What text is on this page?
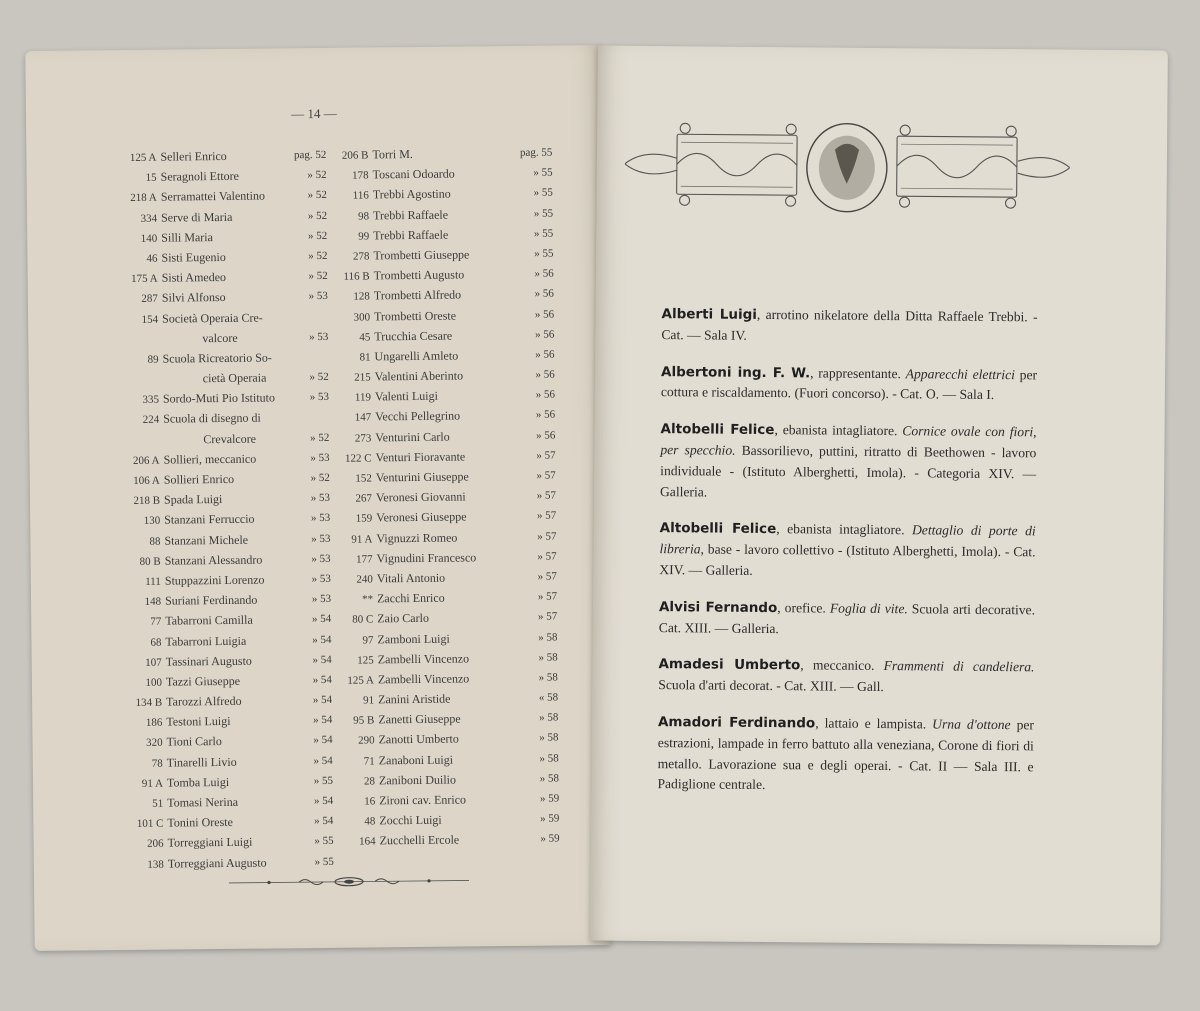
— 14 —
125 A Selleri Enrico	pag. 52
15 Seragnoli Ettore	» 52
218 A Serramattei Valentino	» 52
334 Serve di Maria	» 52
140 Silli Maria	» 52
46 Sisti Eugenio	» 52
175 A Sisti Amedeo	» 52
287 Silvi Alfonso	» 53
154 Società Operaia Cre-
valcore	» 53
89 Scuola Ricreatorio So-
cietà Operaia	» 52
335 Sordo-Muti Pio Istituto	» 53
224 Scuola di disegno di
Crevalcore	» 52
206 A Sollieri, meccanico	» 53
106 A Sollieri Enrico	» 52
218 B Spada Luigi	» 53
130 Stanzani Ferruccio	» 53
88 Stanzani Michele	» 53
80 B Stanzani Alessandro	» 53
111 Stuppazzini Lorenzo	» 53
148 Suriani Ferdinando	» 53
77 Tabarroni Camilla	» 54
68 Tabarroni Luigia	» 54
107 Tassinari Augusto	» 54
100 Tazzi Giuseppe	» 54
134 B Tarozzi Alfredo	» 54
186 Testoni Luigi	» 54
320 Tioni Carlo	» 54
78 Tinarelli Livio	» 54
91 A Tomba Luigi	» 55
51 Tomasi Nerina	» 54
101 C Tonini Oreste	» 54
206 Torreggiani Luigi	» 55
138 Torreggiani Augusto	» 55
206 B Torri M.	pag. 55
178 Toscani Odoardo	» 55
116 Trebbi Agostino	» 55
98 Trebbi Raffaele	» 55
99 Trebbi Raffaele	» 55
278 Trombetti Giuseppe	» 55
116 B Trombetti Augusto	» 56
128 Trombetti Alfredo	» 56
300 Trombetti Oreste	» 56
45 Trucchia Cesare	» 56
81 Ungarelli Amleto	» 56
215 Valentini Aberinto	» 56
119 Valenti Luigi	» 56
147 Vecchi Pellegrino	» 56
273 Venturini Carlo	» 56
122 C Venturi Fioravante	» 57
152 Venturini Giuseppe	» 57
267 Veronesi Giovanni	» 57
159 Veronesi Giuseppe	» 57
91 A Vignuzzi Romeo	» 57
177 Vignudini Francesco	» 57
240 Vitali Antonio	» 57
** Zacchi Enrico	» 57
80 C Zaio Carlo	» 57
97 Zamboni Luigi	» 58
125 Zambelli Vincenzo	» 58
125 A Zambelli Vincenzo	» 58
91 Zanini Aristide	« 58
95 B Zanetti Giuseppe	» 58
290 Zanotti Umberto	» 58
71 Zanaboni Luigi	» 58
28 Zaniboni Duilio	» 58
16 Zironi cav. Enrico	» 59
48 Zocchi Luigi	» 59
164 Zucchelli Ercole	» 59
Alberti Luigi, arrotino nikelatore della Ditta Raffaele Trebbi. - Cat. — Sala IV.
Albertoni ing. F. W., rappresentante. Apparecchi elettrici per cottura e riscaldamento. (Fuori concorso). - Cat. O. — Sala I.
Altobelli Felice, ebanista intagliatore. Cornice ovale con fiori, per specchio. Bassorilievo, puttini, ritratto di Beethowen - lavoro individuale - (Istituto Alberghetti, Imola). - Categoria XIV. — Galleria.
Altobelli Felice, ebanista intagliatore. Dettaglio di porte di libreria, base - lavoro collettivo - (Istituto Alberghetti, Imola). - Cat. XIV. — Galleria.
Alvisi Fernando, orefice. Foglia di vite. Scuola arti decorative. Cat. XIII. — Galleria.
Amadesi Umberto, meccanico. Frammenti di candeliera. Scuola d'arti decorat. - Cat. XIII. — Gall.
Amadori Ferdinando, lattaio e lampista. Urna d'ottone per estrazioni, lampade in ferro battuto alla veneziana, Corone di fiori di metallo. Lavorazione sua e degli operai. - Cat. II — Sala III. e Padiglione centrale.
